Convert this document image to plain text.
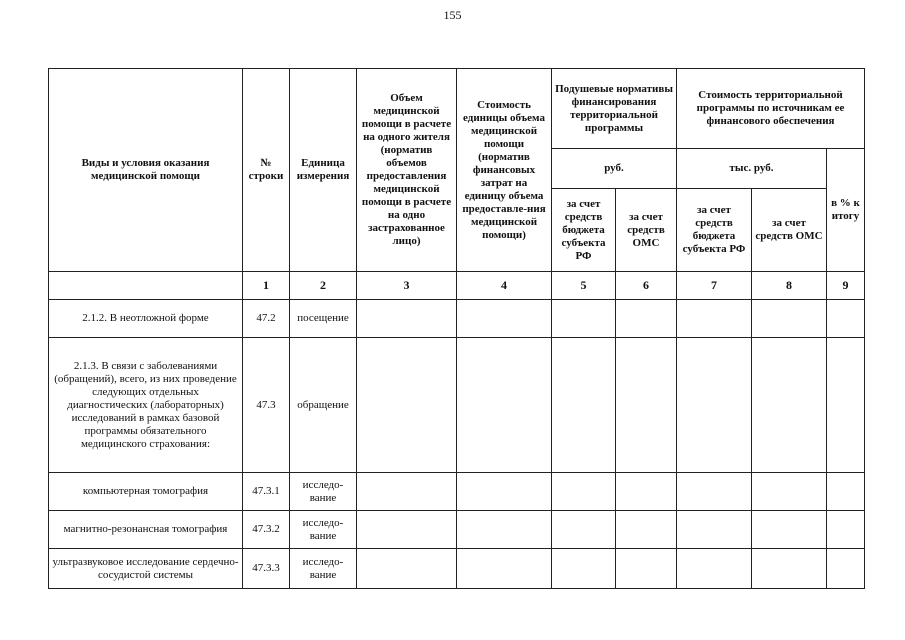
155
Виды и условия оказания медицинской помощи	№ строки	Единица измерения	Объем медицинской помощи в расчете на одного жителя (норматив объемов предоставления медицинской помощи в расчете на одно застрахованное лицо)	Стоимость единицы объема медицинской помощи (норматив финансовых затрат на единицу объема предоставле-ния медицинской помощи)	Подушевые нормативы финансирования территориальной программы		Стоимость территориальной программы по источникам ее финансового обеспечения		
					руб.		тыс. руб.		в % к итогу
					за счет средств бюджета субъекта РФ	за счет средств ОМС	за счет средств бюджета субъекта РФ	за счет средств ОМС	
	1	2	3	4	5	6	7	8	9
2.1.2. В неотложной форме	47.2	посещение							
2.1.3. В связи с заболеваниями (обращений), всего, из них проведение следующих отдельных диагностических (лабораторных) исследований в рамках базовой программы обязательного медицинского страхования:	47.3	обращение							
компьютерная томография	47.3.1	исследо-вание							
магнитно-резонансная томография	47.3.2	исследо-вание							
ультразвуковое исследование сердечно-сосудистой системы	47.3.3	исследо-вание							
